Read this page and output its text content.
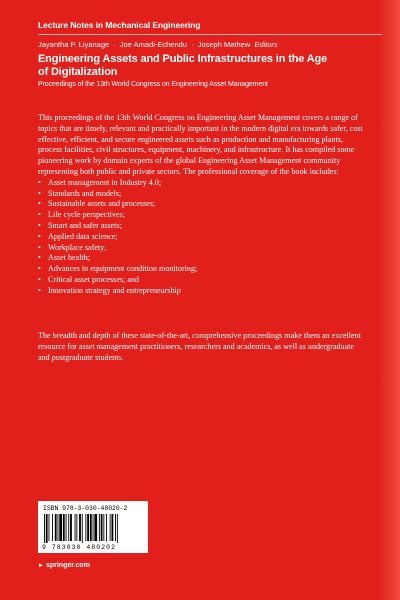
Lecture Notes in Mechanical Engineering
Jayantha P. Liyanage · Joe Amadi-Echendu · Joseph Mathew Editors
Engineering Assets and Public Infrastructures in the Age
of Digitalization
Proceedings of the 13th World Congress on Engineering Asset Management

This proceedings of the 13th World Congress on Engineering Asset Management covers a range of topics that are timely, relevant and practically important in the modern digital era towards safer, cost effective, efficient, and secure engineered assets such as production and manufacturing plants, process facilities, civil structures, equipment, machinery, and infrastructure. It has compiled some pioneering work by domain experts of the global Engineering Asset Management community representing both public and private sectors. The professional coverage of the book includes:

• Asset management in Industry 4.0;
• Standards and models;
• Sustainable assets and processes;
• Life cycle perspectives;
• Smart and safer assets;
• Applied data science;
• Workplace safety;
• Asset health;
• Advances in equipment condition monitoring;
• Critical asset processes; and
• Innovation strategy and entrepreneurship

The breadth and depth of these state-of-the-art, comprehensive proceedings make them an excellent resource for asset management practitioners, researchers and academics, as well as undergraduate and postgraduate students.

ISBN 978-3-030-48020-2
9 783030 480202
► springer.com
